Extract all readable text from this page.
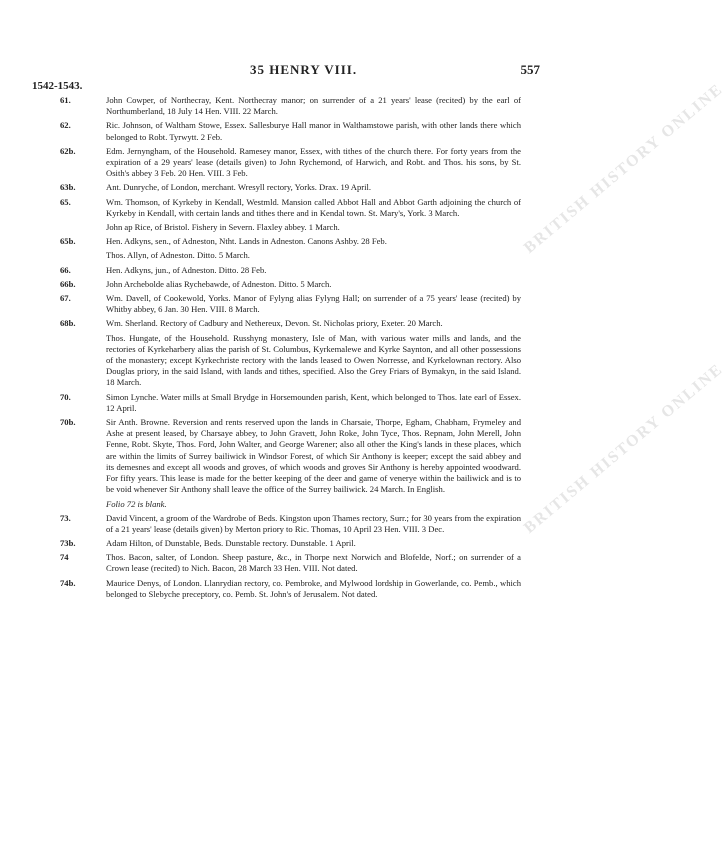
1542-1543.
35 HENRY VIII.	557
BRITISH HISTORY ONLINE
BRITISH HISTORY ONLINE
61.	John Cowper, of Northecray, Kent. Northecray manor; on surrender of a 21 years' lease (recited) by the earl of Northumberland, 18 July 14 Hen. VIII. 22 March.
62.	Ric. Johnson, of Waltham Stowe, Essex. Sallesburye Hall manor in Walthamstowe parish, with other lands there which belonged to Robt. Tyrwytt. 2 Feb.
62b.	Edm. Jernyngham, of the Household. Ramesey manor, Essex, with tithes of the church there. For forty years from the expiration of a 29 years' lease (details given) to John Rychemond, of Harwich, and Robt. and Thos. his sons, by St. Osith's abbey 3 Feb. 20 Hen. VIII. 3 Feb.
63b.	Ant. Dunryche, of London, merchant. Wresyll rectory, Yorks. Drax. 19 April.
65.	Wm. Thomson, of Kyrkeby in Kendall, Westmld. Mansion called Abbot Hall and Abbot Garth adjoining the church of Kyrkeby in Kendall, with certain lands and tithes there and in Kendal town. St. Mary's, York. 3 March.
John ap Rice, of Bristol. Fishery in Severn. Flaxley abbey. 1 March.
65b.	Hen. Adkyns, sen., of Adneston, Ntht. Lands in Adneston. Canons Ashby. 28 Feb.
Thos. Allyn, of Adneston. Ditto. 5 March.
66.	Hen. Adkyns, jun., of Adneston. Ditto. 28 Feb.
66b.	John Archebolde alias Rychebawde, of Adneston. Ditto. 5 March.
67.	Wm. Davell, of Cookewold, Yorks. Manor of Fylyng alias Fylyng Hall; on surrender of a 75 years' lease (recited) by Whitby abbey, 6 Jan. 30 Hen. VIII. 8 March.
68b.	Wm. Sherland. Rectory of Cadbury and Nethereux, Devon. St. Nicholas priory, Exeter. 20 March.
Thos. Hungate, of the Household. Russhyng monastery, Isle of Man, with various water mills and lands, and the rectories of Kyrkeharbery alias the parish of St. Columbus, Kyrkemalewe and Kyrke Saynton, and all other possessions of the monastery; except Kyrkechriste rectory with the lands leased to Owen Norresse, and Kyrkelownan rectory. Also Douglas priory, in the said Island, with lands and tithes, specified. Also the Grey Friars of Bymakyn, in the said Island. 18 March.
70.	Simon Lynche. Water mills at Small Brydge in Horsemounden parish, Kent, which belonged to Thos. late earl of Essex. 12 April.
70b.	Sir Anth. Browne. Reversion and rents reserved upon the lands in Charsaie, Thorpe, Egham, Chabham, Frymeley and Ashe at present leased, by Charsaye abbey, to John Gravett, John Roke, John Tyce, Thos. Repnam, John Merell, John Fenne, Robt. Skyte, Thos. Ford, John Walter, and George Warener; also all other the King's lands in these places, which are within the limits of Surrey bailiwick in Windsor Forest, of which Sir Anthony is keeper; except the said abbey and its demesnes and except all woods and groves, of which woods and groves Sir Anthony is hereby appointed woodward. For fifty years. This lease is made for the better keeping of the deer and game of venerye within the bailiwick and is to be void whenever Sir Anthony shall leave the office of the Surrey bailiwick. 24 March. In English.
Folio 72 is blank.
73.	David Vincent, a groom of the Wardrobe of Beds. Kingston upon Thames rectory, Surr.; for 30 years from the expiration of a 21 years' lease (details given) by Merton priory to Ric. Thomas, 10 April 23 Hen. VIII. 3 Dec.
73b.	Adam Hilton, of Dunstable, Beds. Dunstable rectory. Dunstable. 1 April.
74	Thos. Bacon, salter, of London. Sheep pasture, &c., in Thorpe next Norwich and Blofelde, Norf.; on surrender of a Crown lease (recited) to Nich. Bacon, 28 March 33 Hen. VIII. Not dated.
74b.	Maurice Denys, of London. Llanrydian rectory, co. Pembroke, and Mylwood lordship in Gowerlande, co. Pemb., which belonged to Slebyche preceptory, co. Pemb. St. John's of Jerusalem. Not dated.
